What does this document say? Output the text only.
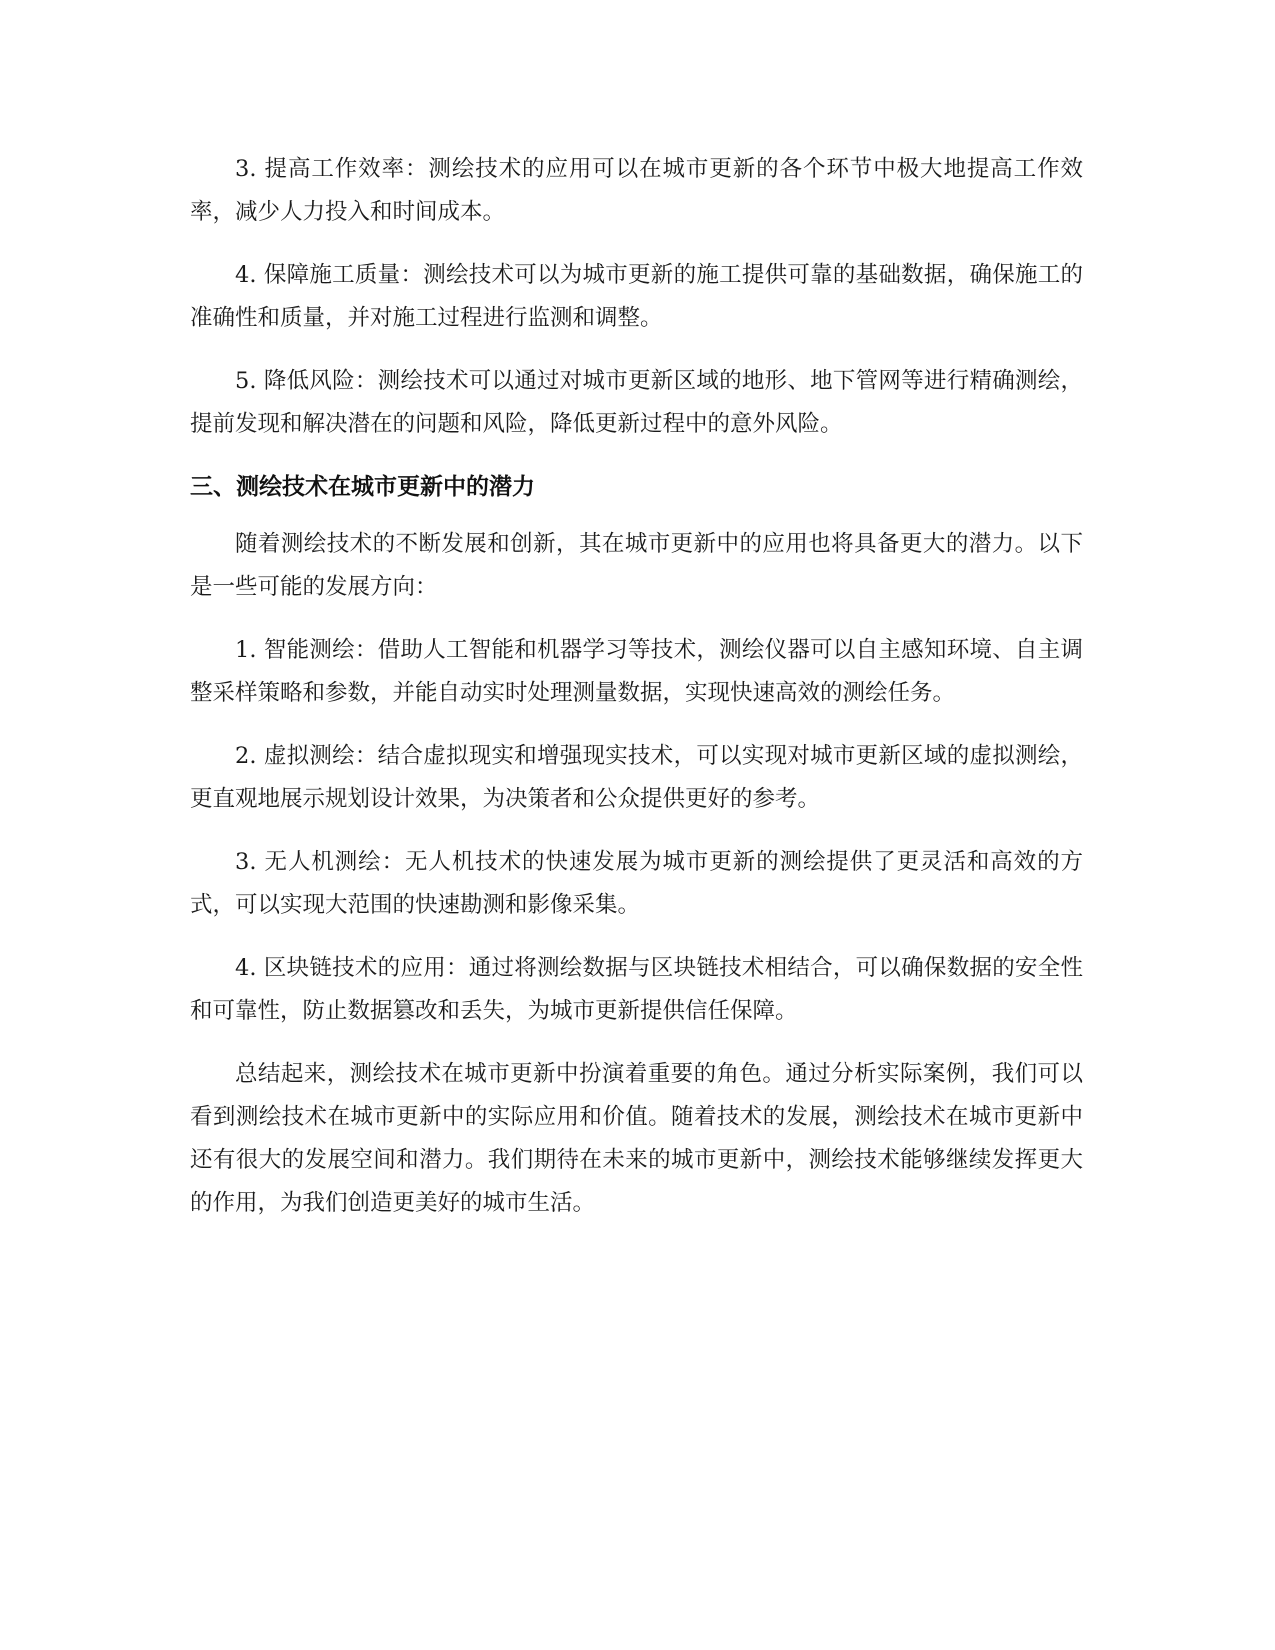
3. 提高工作效率：测绘技术的应用可以在城市更新的各个环节中极大地提高工作效率，减少人力投入和时间成本。

4. 保障施工质量：测绘技术可以为城市更新的施工提供可靠的基础数据，确保施工的准确性和质量，并对施工过程进行监测和调整。

5. 降低风险：测绘技术可以通过对城市更新区域的地形、地下管网等进行精确测绘，提前发现和解决潜在的问题和风险，降低更新过程中的意外风险。

三、测绘技术在城市更新中的潜力

随着测绘技术的不断发展和创新，其在城市更新中的应用也将具备更大的潜力。以下是一些可能的发展方向：

1. 智能测绘：借助人工智能和机器学习等技术，测绘仪器可以自主感知环境、自主调整采样策略和参数，并能自动实时处理测量数据，实现快速高效的测绘任务。

2. 虚拟测绘：结合虚拟现实和增强现实技术，可以实现对城市更新区域的虚拟测绘，更直观地展示规划设计效果，为决策者和公众提供更好的参考。

3. 无人机测绘：无人机技术的快速发展为城市更新的测绘提供了更灵活和高效的方式，可以实现大范围的快速勘测和影像采集。

4. 区块链技术的应用：通过将测绘数据与区块链技术相结合，可以确保数据的安全性和可靠性，防止数据篡改和丢失，为城市更新提供信任保障。

总结起来，测绘技术在城市更新中扮演着重要的角色。通过分析实际案例，我们可以看到测绘技术在城市更新中的实际应用和价值。随着技术的发展，测绘技术在城市更新中还有很大的发展空间和潜力。我们期待在未来的城市更新中，测绘技术能够继续发挥更大的作用，为我们创造更美好的城市生活。
